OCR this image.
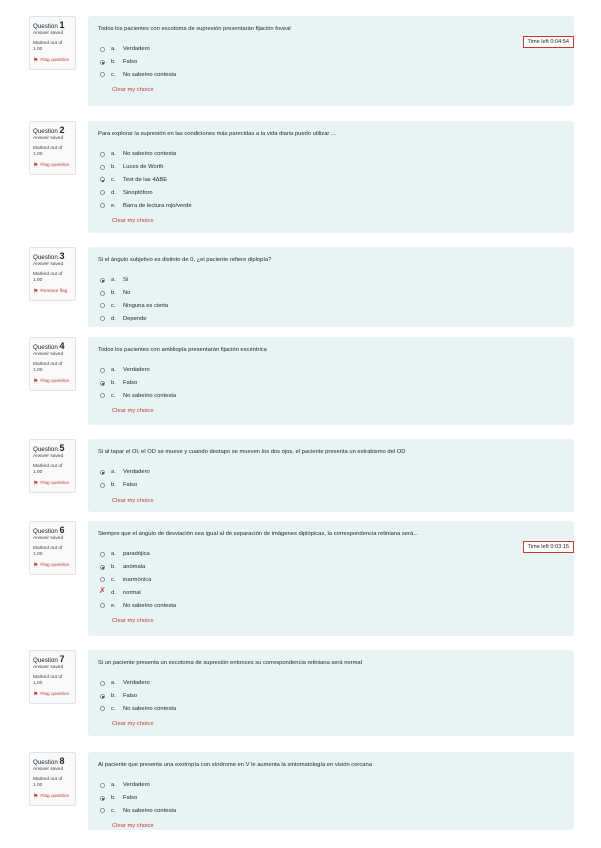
Question 1
Answer saved
Marked out of
1.00
⚑ Flag question
Todos los pacientes con escotoma de supresión presentarán fijación foveal
a.	Verdadero
b.	Falso
c.	No sabeíno contesta
Clear my choice
Time left 0:04:54
Question 2
Answer saved
Marked out of
1.00
⚑ Flag question
Para explorar la supresión en las condiciones más parecidas a la vida diaria puedo utilizar ...
a.	No sabeíno contesta
b.	Luces de Worth
c.	Test de las 4ΔBE
d.	Sinoptóforo
e.	Barra de lectura rojo/verde
Clear my choice
Question 3
Answer saved
Marked out of
1.00
⚑ Remove flag
Si el ángulo subjetivo es distinto de 0, ¿el paciente refiere diplopía?
a.	Sí
b.	No
c.	Ninguna es cierta
d.	Depende
Question 4
Answer saved
Marked out of
1.00
⚑ Flag question
Todos los pacientes con ambliopía presentarán fijación excéntrica
a.	Verdadero
b.	Falso
c.	No sabeíno contesta
Clear my choice
Question 5
Answer saved
Marked out of
1.00
⚑ Flag question
Si al tapar el OI, el OD se mueve y cuando destapo se mueven los dos ojos, el paciente presenta un estrabismo del OD
a.	Verdadero
b.	Falso
Clear my choice
Question 6
Answer saved
Marked out of
1.00
⚑ Flag question
Siempre que el ángulo de desviación sea igual al de separación de imágenes diplópicas, la correspondencia retiniana será...
a.	paradójica
b.	anómala
c.	inarmónica
✗
d.	normal
e.	No sabeíno contesta
Clear my choice
Time left 0:03:15
Question 7
Answer saved
Marked out of
1.00
⚑ Flag question
Si un paciente presenta un escotoma de supresión entonces su correspondencia retiniana será normal
a.	Verdadero
b.	Falso
c.	No sabeíno contesta
Clear my choice
Question 8
Answer saved
Marked out of
1.00
⚑ Flag question
Al paciente que presenta una exotropía con síndrome en V le aumenta la sintomatología en visión cercana
a.	Verdadero
b.	Falso
c.	No sabeíno contesta
Clear my choice
